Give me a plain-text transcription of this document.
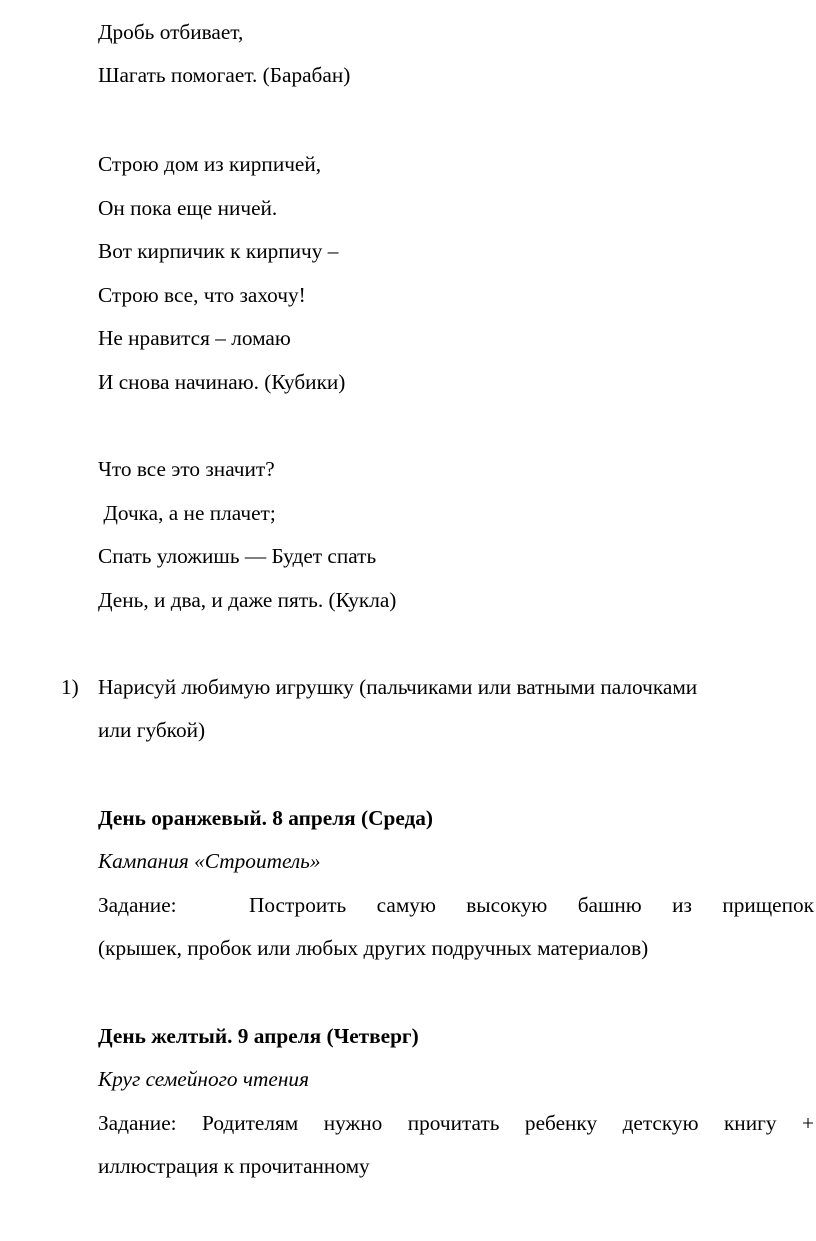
Дробь отбивает,
Шагать помогает. (Барабан)
Строю дом из кирпичей,
Он пока еще ничей.
Вот кирпичик к кирпичу –
Строю все, что захочу!
Не нравится – ломаю
И снова начинаю. (Кубики)
Что все это значит?
Дочка, а не плачет;
Спать уложишь — Будет спать
День, и два, и даже пять. (Кукла)
1) Нарисуй любимую игрушку (пальчиками или ватными палочками
или губкой)
День оранжевый. 8 апреля (Среда)
Кампания «Строитель»
Задание:	Построить самую высокую башню из прищепок
(крышек, пробок или любых других подручных материалов)
День желтый. 9 апреля (Четверг)
Круг семейного чтения
Задание: Родителям нужно прочитать ребенку детскую книгу +
иллюстрация к прочитанному
